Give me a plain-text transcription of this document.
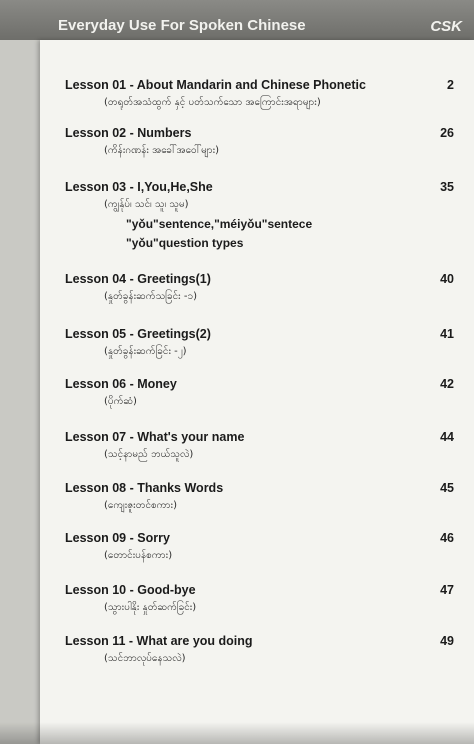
Everyday Use For Spoken Chinese	CSK
Lesson 01 - About Mandarin and Chinese Phonetic
(တရုတ်အသံထွက် နှင့် ပတ်သက်သော အကြောင်းအရာများ)
2
Lesson 02 - Numbers
(ကိန်းဂဏန်း အခေါ်အဝေါ်များ)
26
Lesson 03 - I,You,He,She
(ကျွန်ုပ်၊ သင်၊ သူ၊ သူမ)
"yǒu"sentence,"méiyǒu"sentece
"yǒu"question types
35
Lesson 04 - Greetings(1)
(နှုတ်ခွန်းဆက်သခြင်း -၁)
40
Lesson 05 - Greetings(2)
(နှုတ်ခွန်းဆက်ခြင်း -၂)
41
Lesson 06 - Money
(ပိုက်ဆံ)
42
Lesson 07 - What's your name
(သင့်နာမည် ဘယ်သူလဲ)
44
Lesson 08 - Thanks Words
(ကျေးဇူးတင်စကား)
45
Lesson 09 - Sorry
(တောင်းပန်စကား)
46
Lesson 10 - Good-bye
(သွားပါနိုး နှုတ်ဆက်ခြင်း)
47
Lesson 11 - What are you doing
(သင်ဘာလုပ်နေသလဲ)
49
